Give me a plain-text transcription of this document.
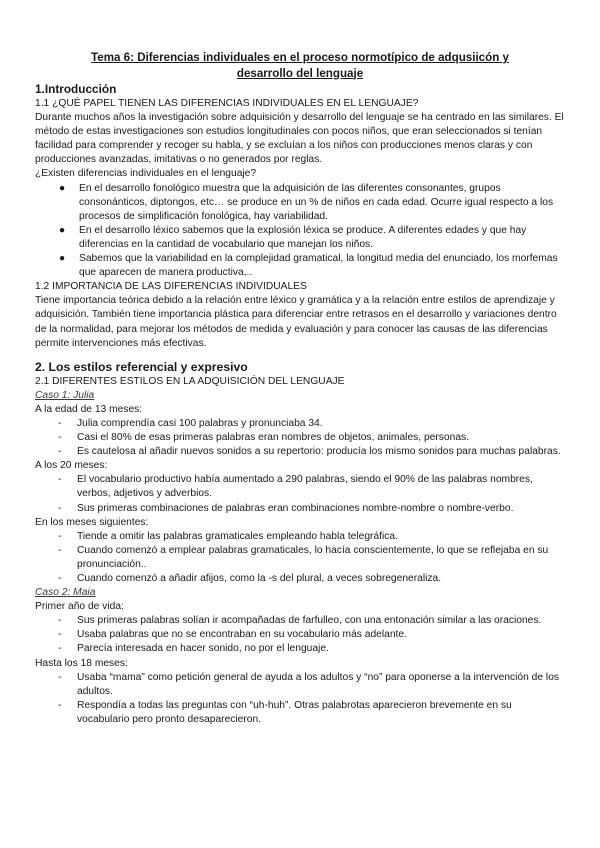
Tema 6: Diferencias individuales en el proceso normotípico de adqusiicón y desarrollo del lenguaje

1.Introducción

1.1 ¿QUÉ PAPEL TIENEN LAS DIFERENCIAS INDIVIDUALES EN EL LENGUAJE?

Durante muchos años la investigación sobre adquisición y desarrollo del lenguaje se ha centrado en las similares. El método de estas investigaciones son estudios longitudinales con pocos niños, que eran seleccionados si tenían facilidad para comprender y recoger su habla, y se excluían a los niños con producciones menos claras y con producciones avanzadas, imitativas o no generados por reglas.

¿Existen diferencias individuales en el lenguaje?

● En el desarrollo fonológico muestra que la adquisición de las diferentes consonantes, grupos consonánticos, diptongos, etc… se produce en un % de niños en cada edad. Ocurre igual respecto a los procesos de simplificación fonológica, hay variabilidad.
● En el desarrollo léxico sabemos que la explosión léxica se produce. A diferentes edades y que hay diferencias en la cantidad de vocabulario que manejan los niños.
● Sabemos que la variabilidad en la complejidad gramatical, la longitud media del enunciado, los morfemas que aparecen de manera productiva,..

1.2 IMPORTANCIA DE LAS DIFERENCIAS INDIVIDUALES

Tiene importancia teórica debido a la relación entre léxico y gramática y a la relación entre estilos de aprendizaje y adquisición. También tiene importancia plástica para diferenciar entre retrasos en el desarrollo y variaciones dentro de la normalidad, para mejorar los métodos de medida y evaluación y para conocer las causas de las diferencias permite intervenciones más efectivas.

2. Los estilos referencial y expresivo

2.1 DIFERENTES ESTILOS EN LA ADQUISICIÓN DEL LENGUAJE

Caso 1: Julia

A la edad de 13 meses:

- Julia comprendía casi 100 palabras y pronunciaba 34.
- Casi el 80% de esas primeras palabras eran nombres de objetos, animales, personas.
- Es cautelosa al añadir nuevos sonidos a su repertorio: producía los mismo sonidos para muchas palabras.

A los 20 meses:

- El vocabulario productivo había aumentado a 290 palabras, siendo el 90% de las palabras nombres, verbos, adjetivos y adverbios.
- Sus primeras combinaciones de palabras eran combinaciones nombre-nombre o nombre-verbo.

En los meses siguientes:

- Tiende a omitir las palabras gramaticales empleando habla telegráfica.
- Cuando comenzó a emplear palabras gramaticales, lo hacía conscientemente, lo que se reflejaba en su pronunciación..
- Cuando comenzó a añadir afijos, como la -s del plural, a veces sobregeneraliza.

Caso 2: Maia

Primer año de vida:

- Sus primeras palabras solían ir acompañadas de farfulleo, con una entonación similar a las oraciones.
- Usaba palabras que no se encontraban en su vocabulario más adelante.
- Parecía interesada en hacer sonido, no por el lenguaje.

Hasta los 18 meses:

- Usaba “mama” como petición general de ayuda a los adultos y “no” para oponerse a la intervención de los adultos.
- Respondía a todas las preguntas con “uh-huh”. Otras palabrotas aparecieron brevemente en su vocabulario pero pronto desaparecieron.
